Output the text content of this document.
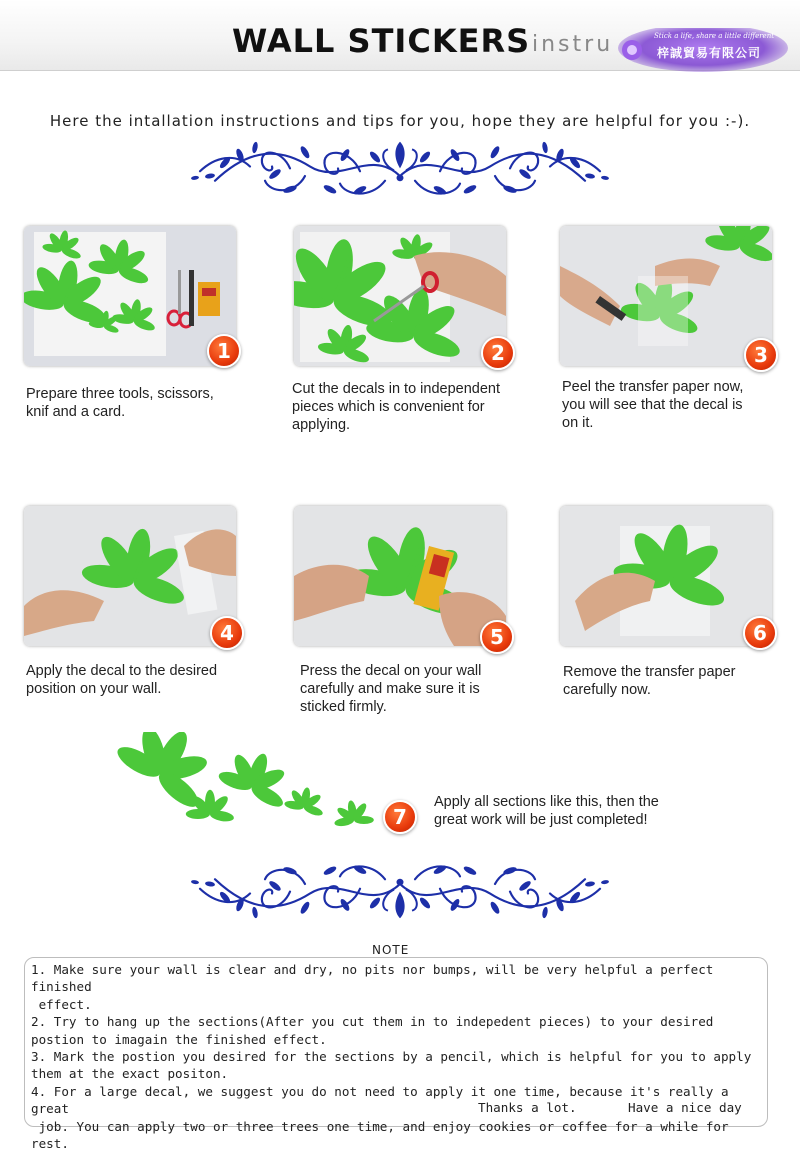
WALL STICKERS instru	Stick a life, share a little different
梓誠貿易有限公司
Here the intallation instructions and tips for you, hope they are helpful for you :-).
1
Prepare three tools, scissors,
knif and a card.
2
Cut the decals in to independent
pieces which is convenient for
applying.
3
Peel the transfer paper now,
you will see that the decal is
on it.
4
Apply the decal to the desired
position on your wall.
5
Press the decal on your wall
carefully and make sure it is
sticked firmly.
6
Remove the transfer paper
carefully now.
7
Apply all sections like this, then the
great work will be just completed!
NOTE
1. Make sure your wall is clear and dry, no pits nor bumps, will be very helpful a perfect finished
effect.
2. Try to hang up the sections(After you cut them in to indepedent pieces) to your desired
postion to imagain the finished effect.
3. Mark the postion you desired for the sections by a pencil, which is helpful for you to apply
them at the exact positon.
4. For a large decal, we suggest you do not need to apply it one time, because it's really a great
job. You can apply two or three trees one time, and enjoy cookies or coffee for a while for rest.
Thanks a lot.	Have a nice day
